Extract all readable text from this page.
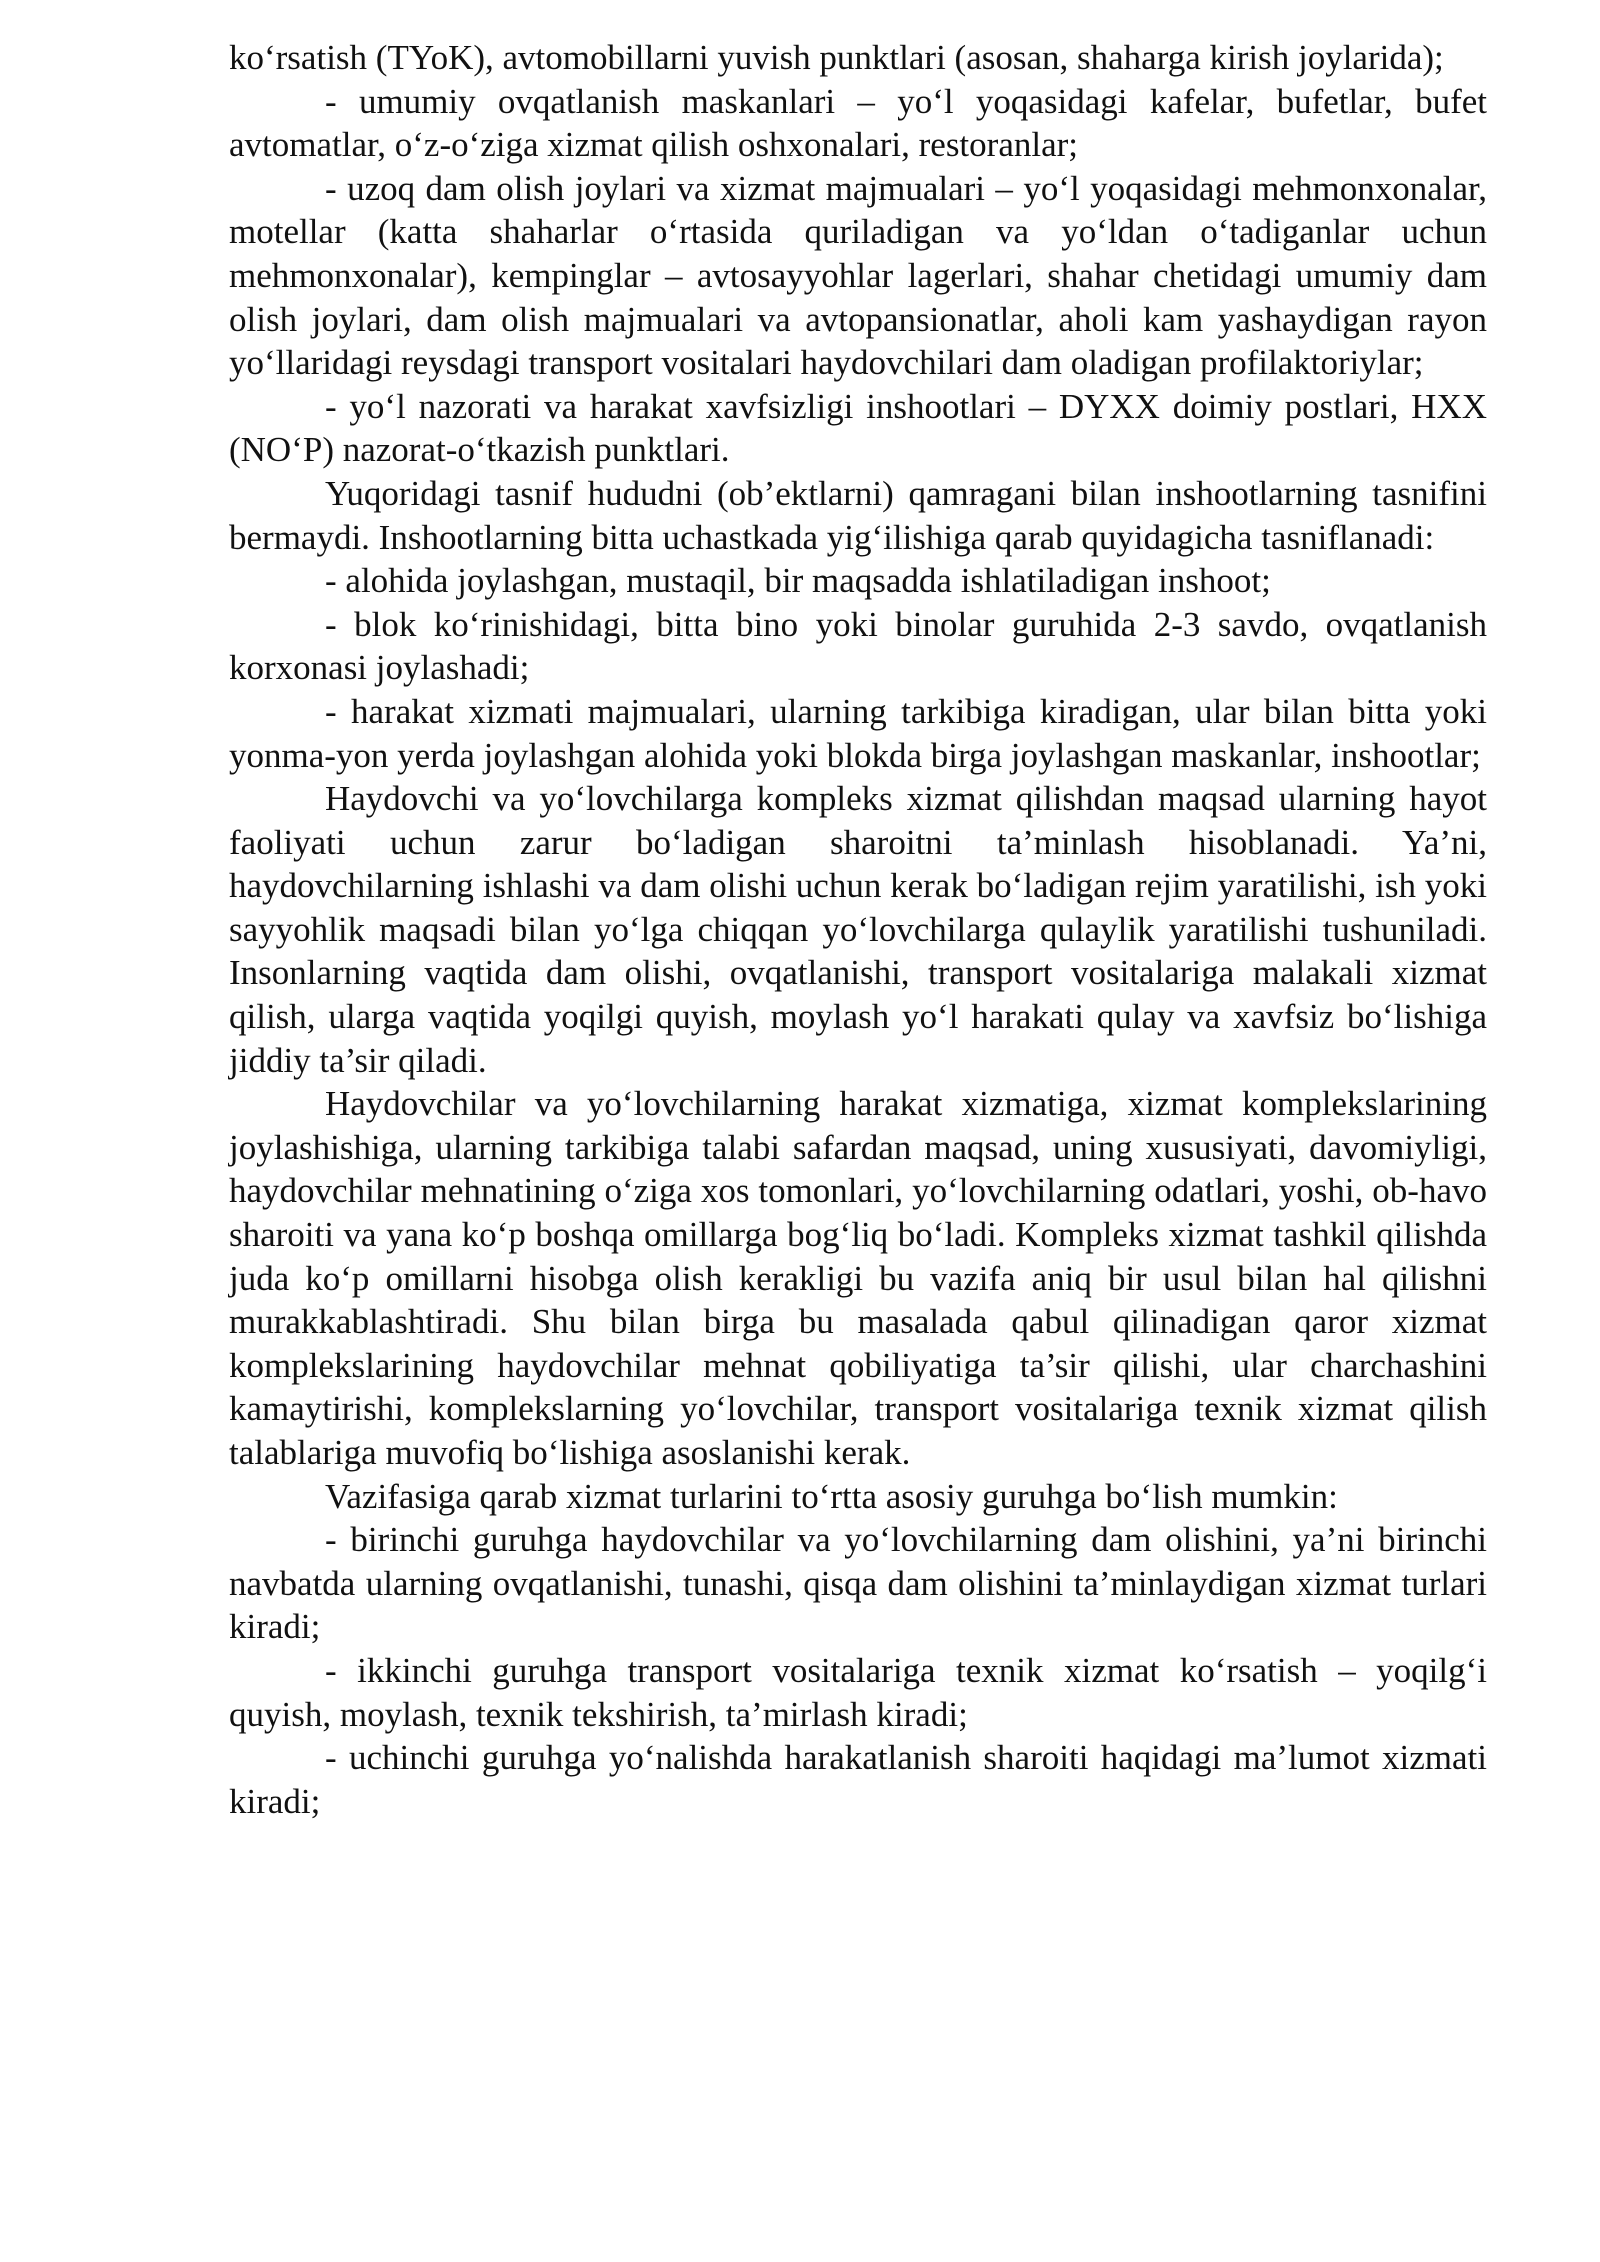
ko‘rsatish (TYoK), avtomobillarni yuvish punktlari (asosan, shaharga kirish joylarida);

- umumiy ovqatlanish maskanlari – yo‘l yoqasidagi kafelar, bufetlar, bufet avtomatlar, o‘z-o‘ziga xizmat qilish oshxonalari, restoranlar;

- uzoq dam olish joylari va xizmat majmualari – yo‘l yoqasidagi mehmonxonalar, motellar (katta shaharlar o‘rtasida quriladigan va yo‘ldan o‘tadiganlar uchun mehmonxonalar), kempinglar – avtosayyohlar lagerlari, shahar chetidagi umumiy dam olish joylari, dam olish majmualari va avtopansionatlar, aholi kam yashaydigan rayon yo‘llaridagi reysdagi transport vositalari haydovchilari dam oladigan profilaktoriylar;

- yo‘l nazorati va harakat xavfsizligi inshootlari – DYXX doimiy postlari, HXX (NO‘P) nazorat-o‘tkazish punktlari.

Yuqoridagi tasnif hududni (ob’ektlarni) qamragani bilan inshootlarning tasnifini bermaydi. Inshootlarning bitta uchastkada yig‘ilishiga qarab quyidagicha tasniflanadi:

- alohida joylashgan, mustaqil, bir maqsadda ishlatiladigan inshoot;

- blok ko‘rinishidagi, bitta bino yoki binolar guruhida 2-3 savdo, ovqatlanish korxonasi joylashadi;

- harakat xizmati majmualari, ularning tarkibiga kiradigan, ular bilan bitta yoki yonma-yon yerda joylashgan alohida yoki blokda birga joylashgan maskanlar, inshootlar;

Haydovchi va yo‘lovchilarga kompleks xizmat qilishdan maqsad ularning hayot faoliyati uchun zarur bo‘ladigan sharoitni ta’minlash hisoblanadi. Ya’ni, haydovchilarning ishlashi va dam olishi uchun kerak bo‘ladigan rejim yaratilishi, ish yoki sayyohlik maqsadi bilan yo‘lga chiqqan yo‘lovchilarga qulaylik yaratilishi tushuniladi. Insonlarning vaqtida dam olishi, ovqatlanishi, transport vositalariga malakali xizmat qilish, ularga vaqtida yoqilgi quyish, moylash yo‘l harakati qulay va xavfsiz bo‘lishiga jiddiy ta’sir qiladi.

Haydovchilar va yo‘lovchilarning harakat xizmatiga, xizmat komplekslarining joylashishiga, ularning tarkibiga talabi safardan maqsad, uning xususiyati, davomiyligi, haydovchilar mehnatining o‘ziga xos tomonlari, yo‘lovchilarning odatlari, yoshi, ob-havo sharoiti va yana ko‘p boshqa omillarga bog‘liq bo‘ladi. Kompleks xizmat tashkil qilishda juda ko‘p omillarni hisobga olish kerakligi bu vazifa aniq bir usul bilan hal qilishni murakkablashtiradi. Shu bilan birga bu masalada qabul qilinadigan qaror xizmat komplekslarining haydovchilar mehnat qobiliyatiga ta’sir qilishi, ular charchashini kamaytirishi, komplekslarning yo‘lovchilar, transport vositalariga texnik xizmat qilish talablariga muvofiq bo‘lishiga asoslanishi kerak.

Vazifasiga qarab xizmat turlarini to‘rtta asosiy guruhga bo‘lish mumkin:

- birinchi guruhga haydovchilar va yo‘lovchilarning dam olishini, ya’ni birinchi navbatda ularning ovqatlanishi, tunashi, qisqa dam olishini ta’minlaydigan xizmat turlari kiradi;

- ikkinchi guruhga transport vositalariga texnik xizmat ko‘rsatish – yoqilg‘i quyish, moylash, texnik tekshirish, ta’mirlash kiradi;

- uchinchi guruhga yo‘nalishda harakatlanish sharoiti haqidagi ma’lumot xizmati kiradi;
